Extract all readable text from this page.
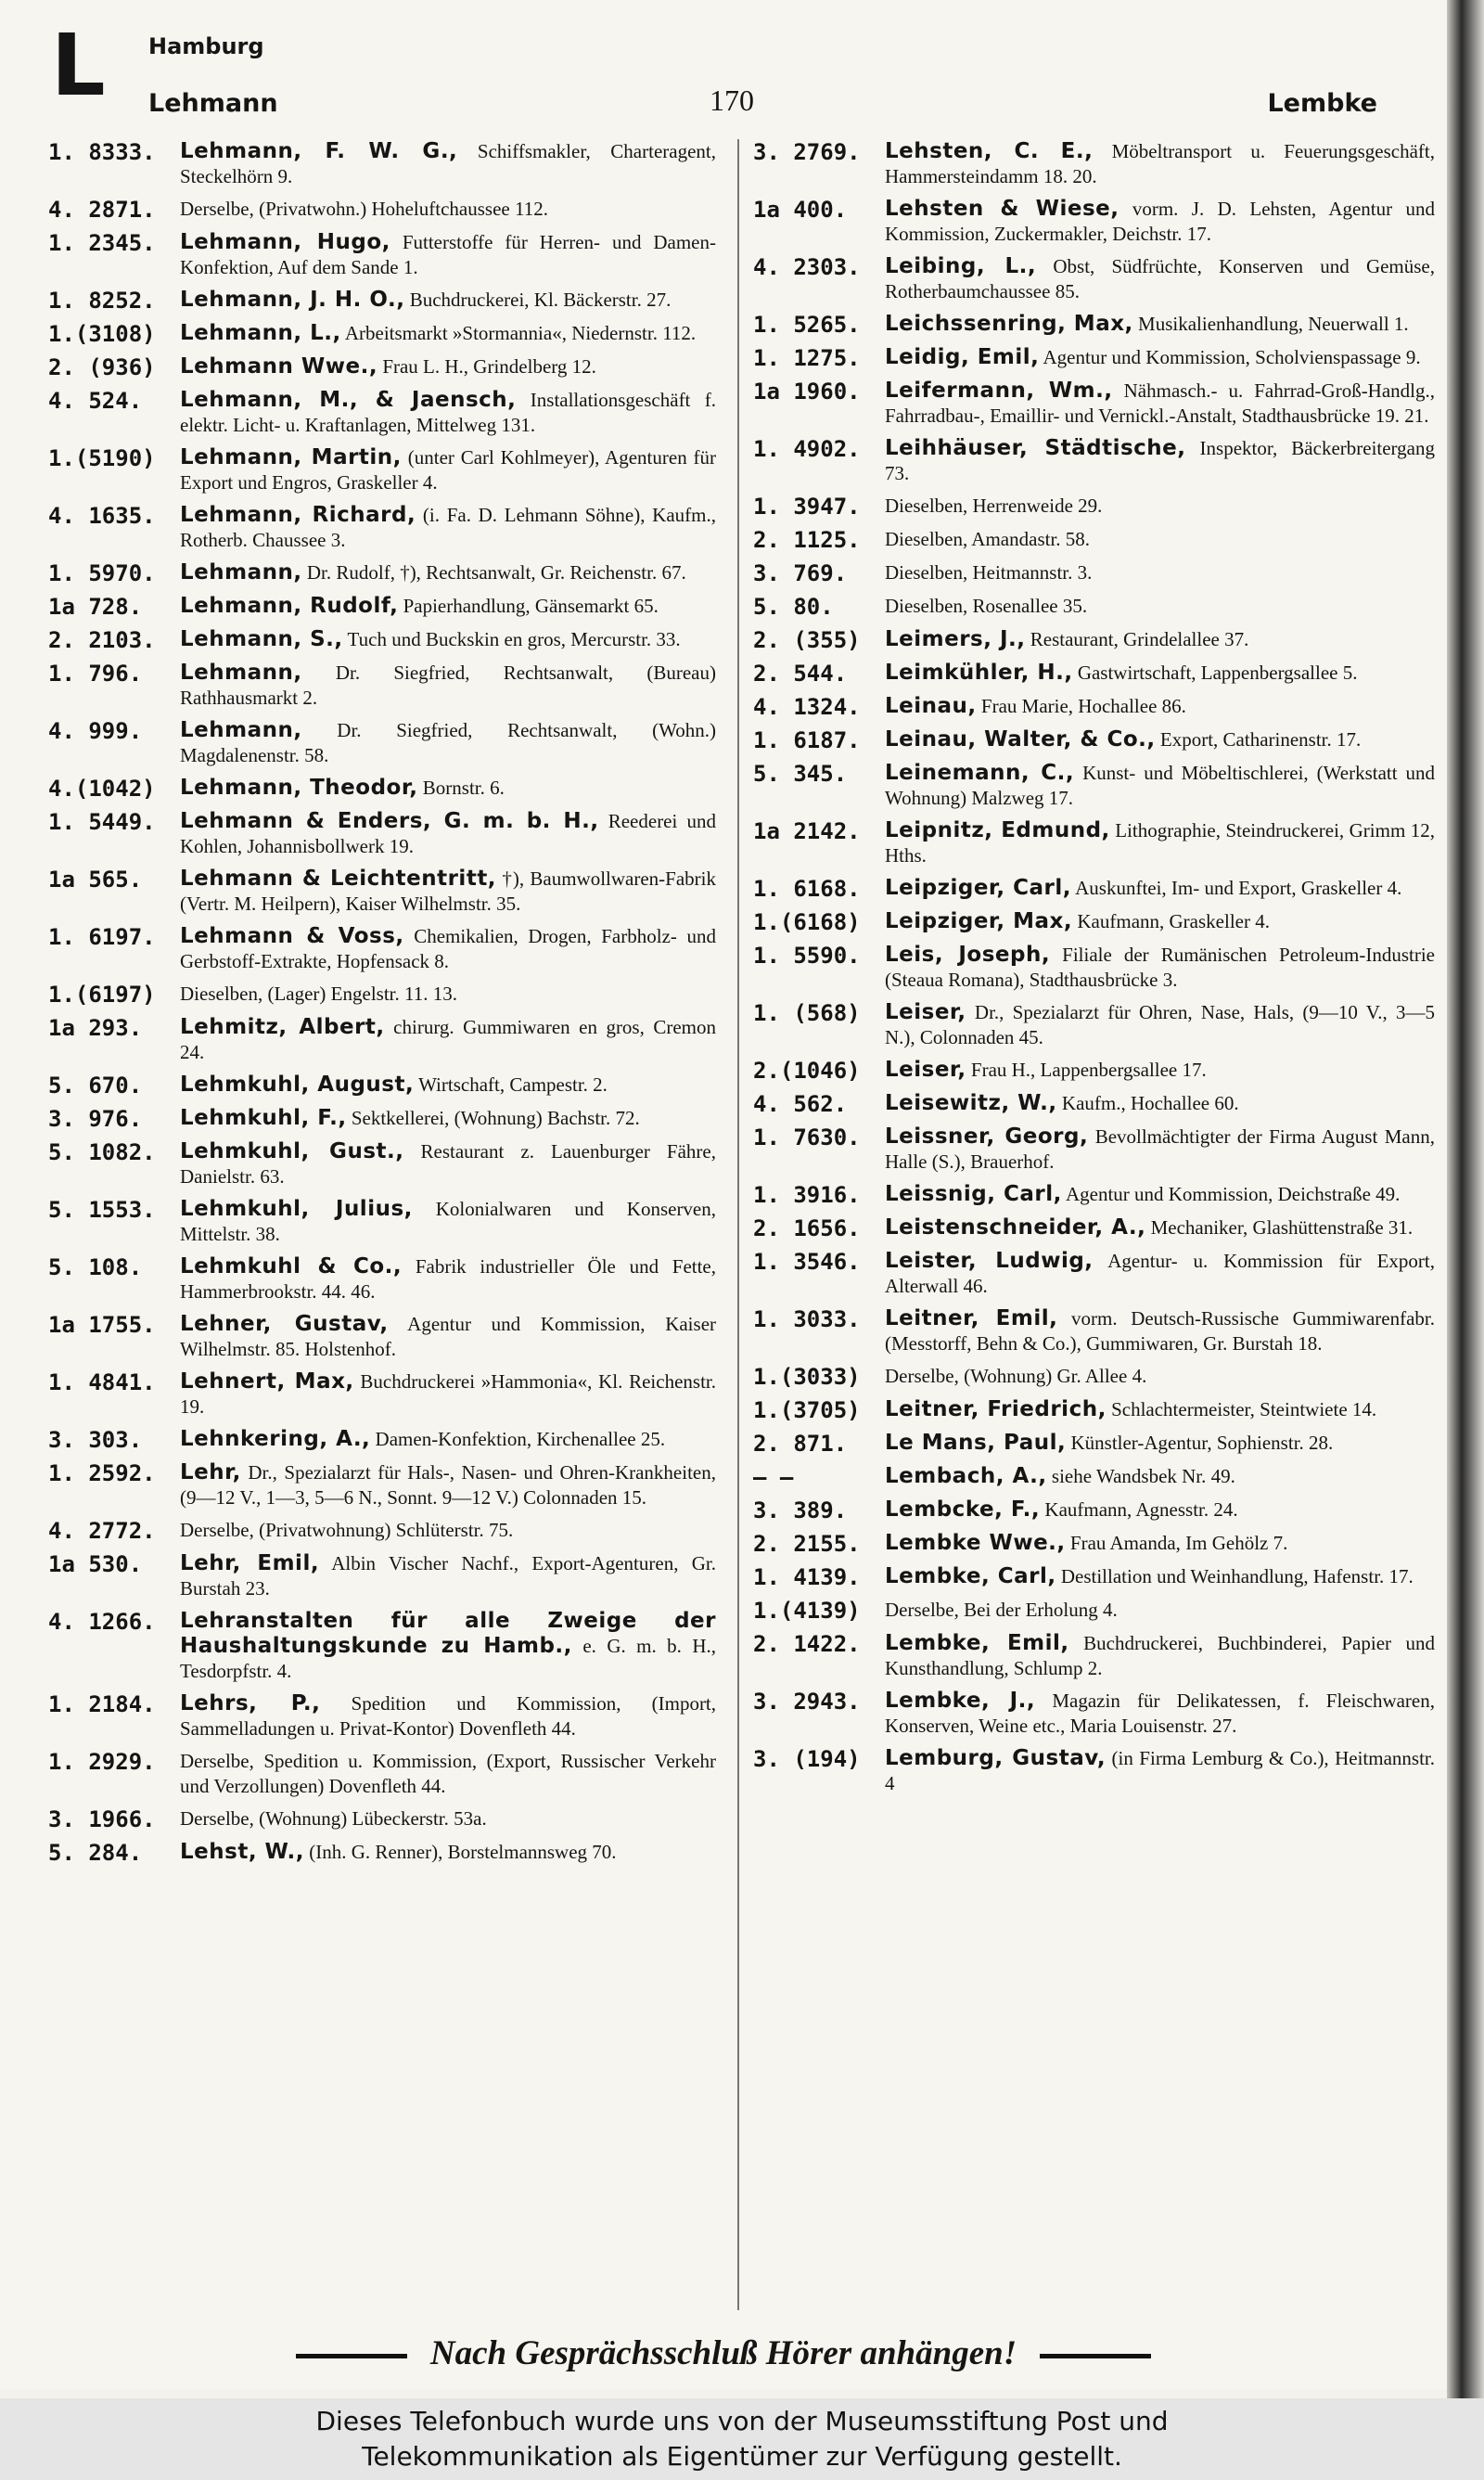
L Hamburg
Lehmann	170	Lembke
1. 8333.	Lehmann, F. W. G., Schiffsmakler, Charteragent, Steckelhörn 9.
4. 2871.	Derselbe, (Privatwohn.) Hoheluftchaussee 112.
1. 2345.	Lehmann, Hugo, Futterstoffe für Herren- und Damen-Konfektion, Auf dem Sande 1.
1. 8252.	Lehmann, J. H. O., Buchdruckerei, Kl. Bäckerstr. 27.
1.(3108)	Lehmann, L., Arbeitsmarkt »Stormannia«, Niedernstr. 112.
2. (936)	Lehmann Wwe., Frau L. H., Grindelberg 12.
4. 524.	Lehmann, M., & Jaensch, Installationsgeschäft f. elektr. Licht- u. Kraftanlagen, Mittelweg 131.
1.(5190)	Lehmann, Martin, (unter Carl Kohlmeyer), Agenturen für Export und Engros, Graskeller 4.
4. 1635.	Lehmann, Richard, (i. Fa. D. Lehmann Söhne), Kaufm., Rotherb. Chaussee 3.
1. 5970.	Lehmann, Dr. Rudolf, †), Rechtsanwalt, Gr. Reichenstr. 67.
1a 728.	Lehmann, Rudolf, Papierhandlung, Gänsemarkt 65.
2. 2103.	Lehmann, S., Tuch und Buckskin en gros, Mercurstr. 33.
1. 796.	Lehmann, Dr. Siegfried, Rechtsanwalt, (Bureau) Rathhausmarkt 2.
4. 999.	Lehmann, Dr. Siegfried, Rechtsanwalt, (Wohn.) Magdalenenstr. 58.
4.(1042)	Lehmann, Theodor, Bornstr. 6.
1. 5449.	Lehmann & Enders, G. m. b. H., Reederei und Kohlen, Johannisbollwerk 19.
1a 565.	Lehmann & Leichtentritt, †), Baumwollwaren-Fabrik (Vertr. M. Heilpern), Kaiser Wilhelmstr. 35.
1. 6197.	Lehmann & Voss, Chemikalien, Drogen, Farbholz- und Gerbstoff-Extrakte, Hopfensack 8.
1.(6197)	Dieselben, (Lager) Engelstr. 11. 13.
1a 293.	Lehmitz, Albert, chirurg. Gummiwaren en gros, Cremon 24.
5. 670.	Lehmkuhl, August, Wirtschaft, Campestr. 2.
3. 976.	Lehmkuhl, F., Sektkellerei, (Wohnung) Bachstr. 72.
5. 1082.	Lehmkuhl, Gust., Restaurant z. Lauenburger Fähre, Danielstr. 63.
5. 1553.	Lehmkuhl, Julius, Kolonialwaren und Konserven, Mittelstr. 38.
5. 108.	Lehmkuhl & Co., Fabrik industrieller Öle und Fette, Hammerbrookstr. 44. 46.
1a 1755.	Lehner, Gustav, Agentur und Kommission, Kaiser Wilhelmstr. 85. Holstenhof.
1. 4841.	Lehnert, Max, Buchdruckerei »Hammonia«, Kl. Reichenstr. 19.
3. 303.	Lehnkering, A., Damen-Konfektion, Kirchenallee 25.
1. 2592.	Lehr, Dr., Spezialarzt für Hals-, Nasen- und Ohren-Krankheiten, (9—12 V., 1—3, 5—6 N., Sonnt. 9—12 V.) Colonnaden 15.
4. 2772.	Derselbe, (Privatwohnung) Schlüterstr. 75.
1a 530.	Lehr, Emil, Albin Vischer Nachf., Export-Agenturen, Gr. Burstah 23.
4. 1266.	Lehranstalten für alle Zweige der Haushaltungskunde zu Hamb., e. G. m. b. H., Tesdorpfstr. 4.
1. 2184.	Lehrs, P., Spedition und Kommission, (Import, Sammelladungen u. Privat-Kontor) Dovenfleth 44.
1. 2929.	Derselbe, Spedition u. Kommission, (Export, Russischer Verkehr und Verzollungen) Dovenfleth 44.
3. 1966.	Derselbe, (Wohnung) Lübeckerstr. 53a.
5. 284.	Lehst, W., (Inh. G. Renner), Borstelmannsweg 70.
3. 2769.	Lehsten, C. E., Möbeltransport u. Feuerungsgeschäft, Hammersteindamm 18. 20.
1a 400.	Lehsten & Wiese, vorm. J. D. Lehsten, Agentur und Kommission, Zuckermakler, Deichstr. 17.
4. 2303.	Leibing, L., Obst, Südfrüchte, Konserven und Gemüse, Rotherbaumchaussee 85.
1. 5265.	Leichssenring, Max, Musikalienhandlung, Neuerwall 1.
1. 1275.	Leidig, Emil, Agentur und Kommission, Scholvienspassage 9.
1a 1960.	Leifermann, Wm., Nähmasch.- u. Fahrrad-Groß-Handlg., Fahrradbau-, Emaillir- und Vernickl.-Anstalt, Stadthausbrücke 19. 21.
1. 4902.	Leihhäuser, Städtische, Inspektor, Bäckerbreitergang 73.
1. 3947.	Dieselben, Herrenweide 29.
2. 1125.	Dieselben, Amandastr. 58.
3. 769.	Dieselben, Heitmannstr. 3.
5. 80.	Dieselben, Rosenallee 35.
2. (355)	Leimers, J., Restaurant, Grindelallee 37.
2. 544.	Leimkühler, H., Gastwirtschaft, Lappenbergsallee 5.
4. 1324.	Leinau, Frau Marie, Hochallee 86.
1. 6187.	Leinau, Walter, & Co., Export, Catharinenstr. 17.
5. 345.	Leinemann, C., Kunst- und Möbeltischlerei, (Werkstatt und Wohnung) Malzweg 17.
1a 2142.	Leipnitz, Edmund, Lithographie, Steindruckerei, Grimm 12, Hths.
1. 6168.	Leipziger, Carl, Auskunftei, Im- und Export, Graskeller 4.
1.(6168)	Leipziger, Max, Kaufmann, Graskeller 4.
1. 5590.	Leis, Joseph, Filiale der Rumänischen Petroleum-Industrie (Steaua Romana), Stadthausbrücke 3.
1. (568)	Leiser, Dr., Spezialarzt für Ohren, Nase, Hals, (9—10 V., 3—5 N.), Colonnaden 45.
2.(1046)	Leiser, Frau H., Lappenbergsallee 17.
4. 562.	Leisewitz, W., Kaufm., Hochallee 60.
1. 7630.	Leissner, Georg, Bevollmächtigter der Firma August Mann, Halle (S.), Brauerhof.
1. 3916.	Leissnig, Carl, Agentur und Kommission, Deichstraße 49.
2. 1656.	Leistenschneider, A., Mechaniker, Glashüttenstraße 31.
1. 3546.	Leister, Ludwig, Agentur- u. Kommission für Export, Alterwall 46.
1. 3033.	Leitner, Emil, vorm. Deutsch-Russische Gummiwarenfabr. (Messtorff, Behn & Co.), Gummiwaren, Gr. Burstah 18.
1.(3033)	Derselbe, (Wohnung) Gr. Allee 4.
1.(3705)	Leitner, Friedrich, Schlachtermeister, Steintwiete 14.
2. 871.	Le Mans, Paul, Künstler-Agentur, Sophienstr. 28.
— —	Lembach, A., siehe Wandsbek Nr. 49.
3. 389.	Lembcke, F., Kaufmann, Agnesstr. 24.
2. 2155.	Lembke Wwe., Frau Amanda, Im Gehölz 7.
1. 4139.	Lembke, Carl, Destillation und Weinhandlung, Hafenstr. 17.
1.(4139)	Derselbe, Bei der Erholung 4.
2. 1422.	Lembke, Emil, Buchdruckerei, Buchbinderei, Papier und Kunsthandlung, Schlump 2.
3. 2943.	Lembke, J., Magazin für Delikatessen, f. Fleischwaren, Konserven, Weine etc., Maria Louisenstr. 27.
3. (194)	Lemburg, Gustav, (in Firma Lemburg & Co.), Heitmannstr. 4
Nach Gesprächsschluß Hörer anhängen!
Dieses Telefonbuch wurde uns von der Museumsstiftung Post und
Telekommunikation als Eigentümer zur Verfügung gestellt.
